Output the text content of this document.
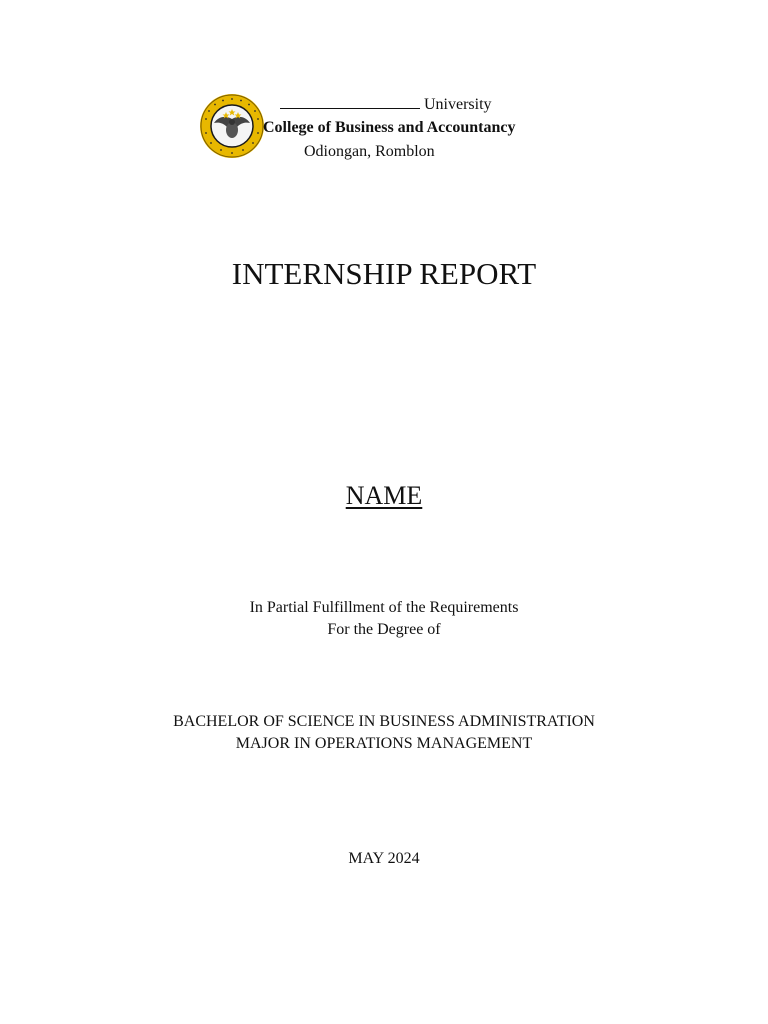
University
College of Business and Accountancy
Odiongan, Romblon
INTERNSHIP REPORT
NAME
In Partial Fulfillment of the Requirements
For the Degree of
BACHELOR OF SCIENCE IN BUSINESS ADMINISTRATION
MAJOR IN OPERATIONS MANAGEMENT
MAY 2024
